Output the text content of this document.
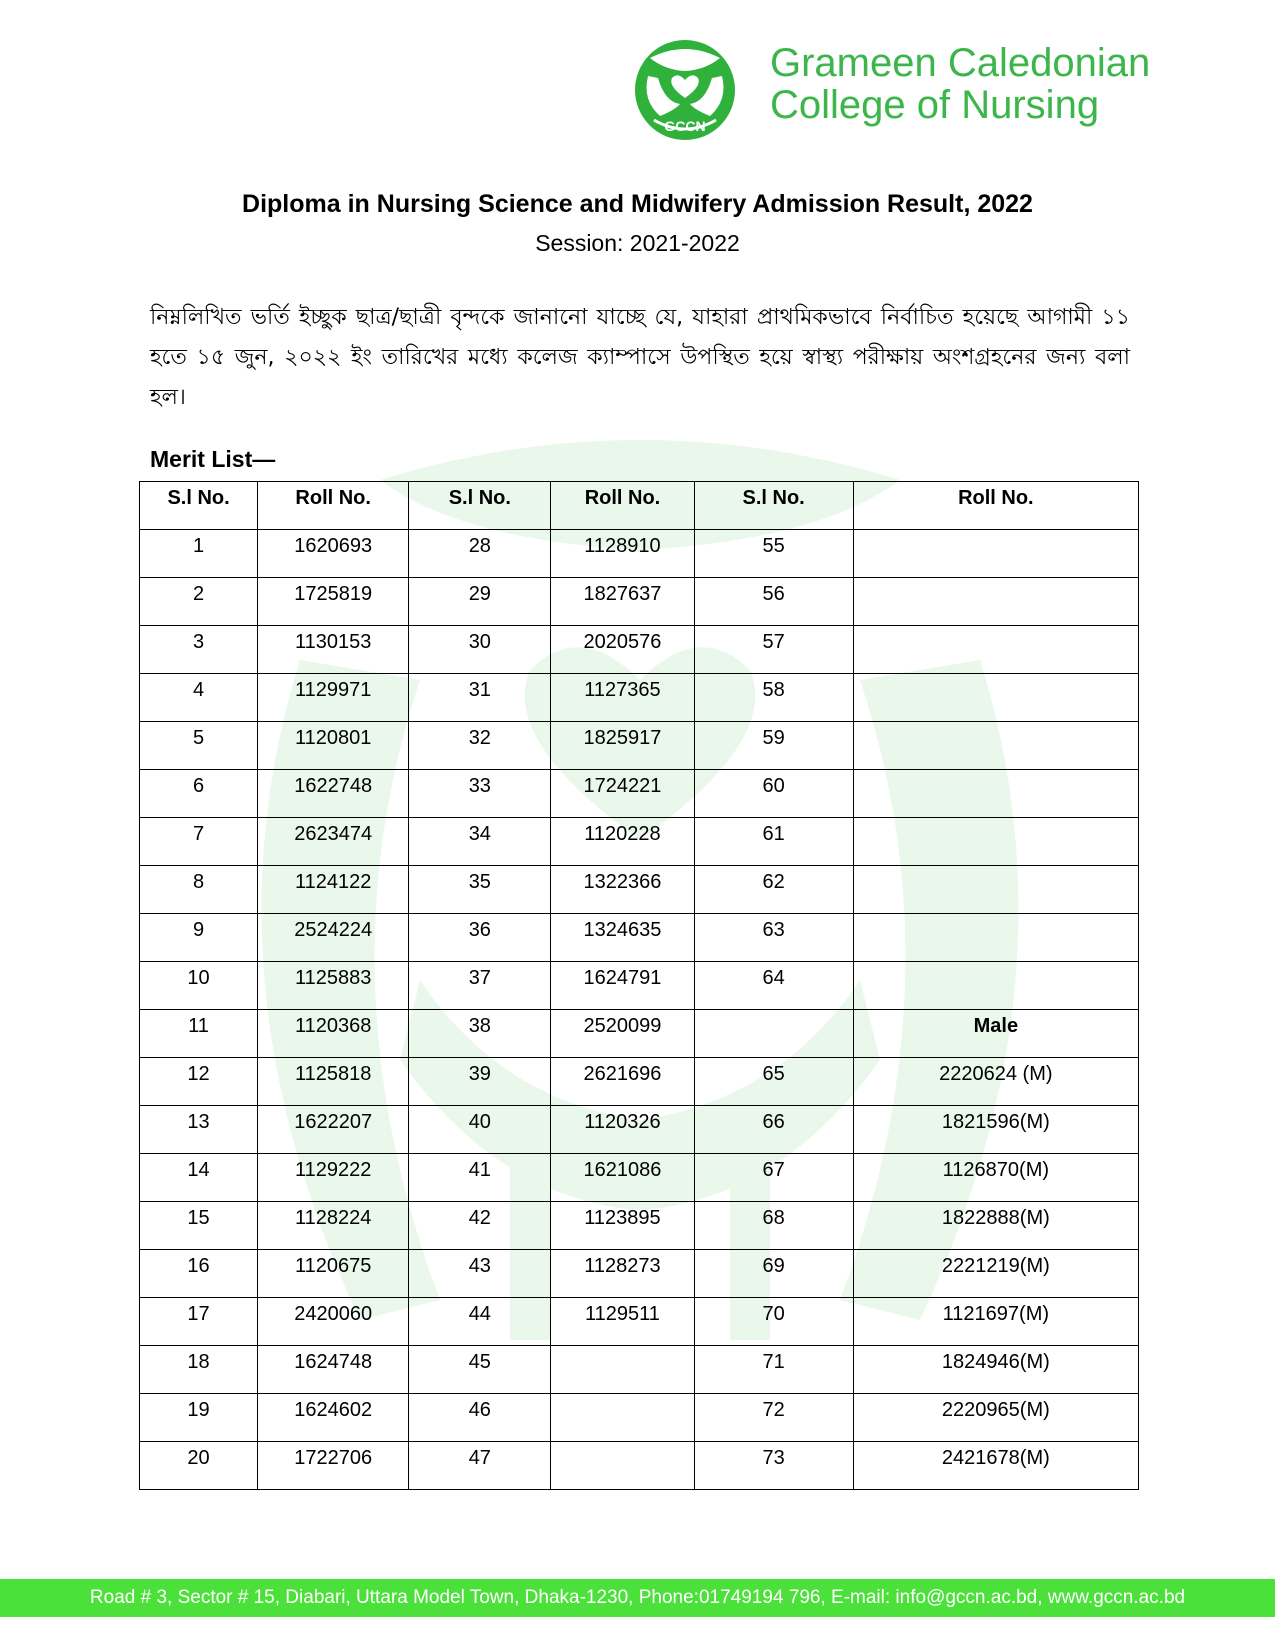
GCCN
Grameen Caledonian
College of Nursing
Diploma in Nursing Science and Midwifery Admission Result, 2022
Session: 2021-2022
নিম্নলিখিত ভর্তি ইচ্ছুক ছাত্র/ছাত্রী বৃন্দকে জানানো যাচ্ছে যে, যাহারা প্রাথমিকভাবে নির্বাচিত হয়েছে আগামী ১১ হতে ১৫ জুন, ২০২২ ইং তারিখের মধ্যে কলেজ ক্যাম্পাসে উপস্থিত হয়ে স্বাস্থ্য পরীক্ষায় অংশগ্রহনের জন্য বলা হল।
Merit List—
S.l No.	Roll No.	S.l No.	Roll No.	S.l No.	Roll No.
1	1620693	28	1128910	55	
2	1725819	29	1827637	56	
3	1130153	30	2020576	57	
4	1129971	31	1127365	58	
5	1120801	32	1825917	59	
6	1622748	33	1724221	60	
7	2623474	34	1120228	61	
8	1124122	35	1322366	62	
9	2524224	36	1324635	63	
10	1125883	37	1624791	64	
11	1120368	38	2520099		Male
12	1125818	39	2621696	65	2220624 (M)
13	1622207	40	1120326	66	1821596(M)
14	1129222	41	1621086	67	1126870(M)
15	1128224	42	1123895	68	1822888(M)
16	1120675	43	1128273	69	2221219(M)
17	2420060	44	1129511	70	1121697(M)
18	1624748	45		71	1824946(M)
19	1624602	46		72	2220965(M)
20	1722706	47		73	2421678(M)
Road # 3, Sector # 15, Diabari, Uttara Model Town, Dhaka-1230, Phone:01749194 796, E-mail: info@gccn.ac.bd, www.gccn.ac.bd
